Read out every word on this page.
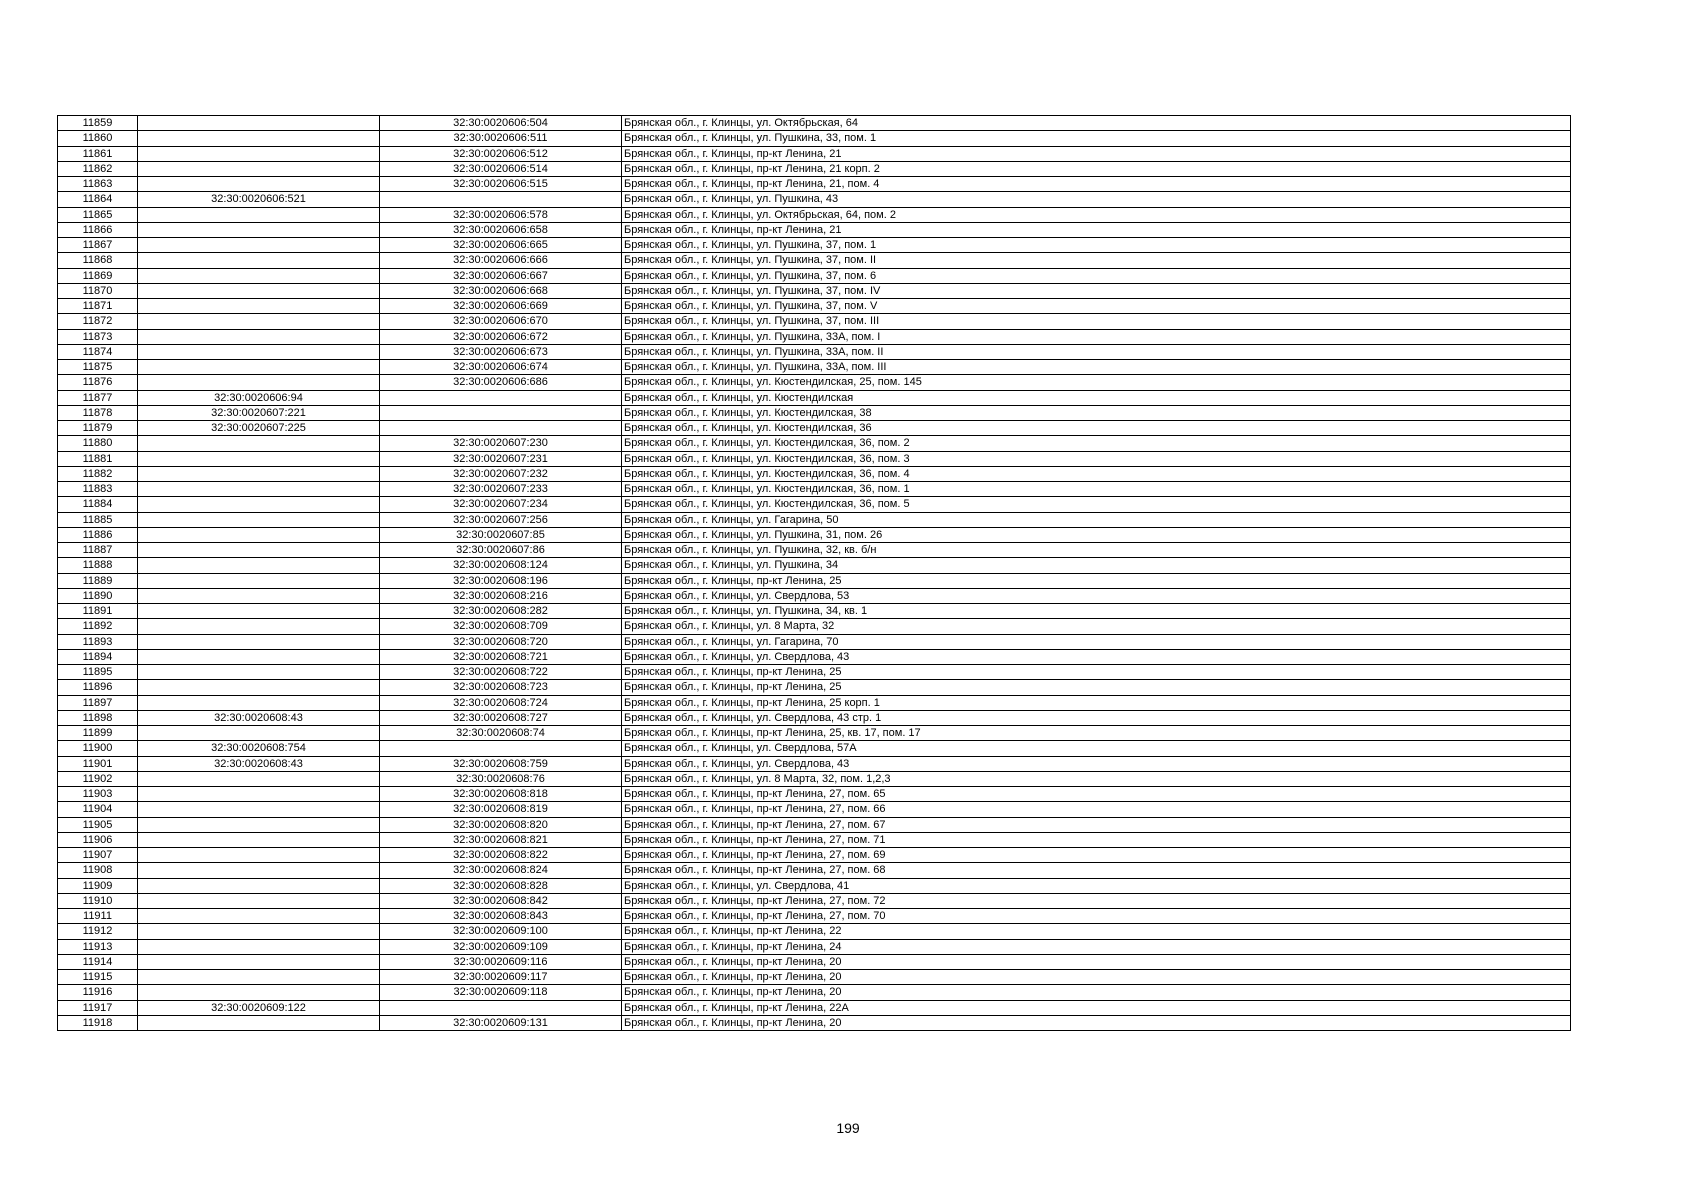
11859		32:30:0020606:504	Брянская обл., г. Клинцы, ул. Октябрьская, 64
11860		32:30:0020606:511	Брянская обл., г. Клинцы, ул. Пушкина, 33, пом. 1
11861		32:30:0020606:512	Брянская обл., г. Клинцы, пр-кт Ленина, 21
11862		32:30:0020606:514	Брянская обл., г. Клинцы, пр-кт Ленина, 21 корп. 2
11863		32:30:0020606:515	Брянская обл., г. Клинцы, пр-кт Ленина, 21, пом. 4
11864	32:30:0020606:521		Брянская обл., г. Клинцы, ул. Пушкина, 43
11865		32:30:0020606:578	Брянская обл., г. Клинцы, ул. Октябрьская, 64, пом. 2
11866		32:30:0020606:658	Брянская обл., г. Клинцы, пр-кт Ленина, 21
11867		32:30:0020606:665	Брянская обл., г. Клинцы, ул. Пушкина, 37, пом. 1
11868		32:30:0020606:666	Брянская обл., г. Клинцы, ул. Пушкина, 37, пом. II
11869		32:30:0020606:667	Брянская обл., г. Клинцы, ул. Пушкина, 37, пом. 6
11870		32:30:0020606:668	Брянская обл., г. Клинцы, ул. Пушкина, 37, пом. IV
11871		32:30:0020606:669	Брянская обл., г. Клинцы, ул. Пушкина, 37, пом. V
11872		32:30:0020606:670	Брянская обл., г. Клинцы, ул. Пушкина, 37, пом. III
11873		32:30:0020606:672	Брянская обл., г. Клинцы, ул. Пушкина, 33А, пом. I
11874		32:30:0020606:673	Брянская обл., г. Клинцы, ул. Пушкина, 33А, пом. II
11875		32:30:0020606:674	Брянская обл., г. Клинцы, ул. Пушкина, 33А, пом. III
11876		32:30:0020606:686	Брянская обл., г. Клинцы, ул. Кюстендилская, 25, пом. 145
11877	32:30:0020606:94		Брянская обл., г. Клинцы, ул. Кюстендилская
11878	32:30:0020607:221		Брянская обл., г. Клинцы, ул. Кюстендилская, 38
11879	32:30:0020607:225		Брянская обл., г. Клинцы, ул. Кюстендилская, 36
11880		32:30:0020607:230	Брянская обл., г. Клинцы, ул. Кюстендилская, 36, пом. 2
11881		32:30:0020607:231	Брянская обл., г. Клинцы, ул. Кюстендилская, 36, пом. 3
11882		32:30:0020607:232	Брянская обл., г. Клинцы, ул. Кюстендилская, 36, пом. 4
11883		32:30:0020607:233	Брянская обл., г. Клинцы, ул. Кюстендилская, 36, пом. 1
11884		32:30:0020607:234	Брянская обл., г. Клинцы, ул. Кюстендилская, 36, пом. 5
11885		32:30:0020607:256	Брянская обл., г. Клинцы, ул. Гагарина, 50
11886		32:30:0020607:85	Брянская обл., г. Клинцы, ул. Пушкина, 31, пом. 26
11887		32:30:0020607:86	Брянская обл., г. Клинцы, ул. Пушкина, 32, кв. б/н
11888		32:30:0020608:124	Брянская обл., г. Клинцы, ул. Пушкина, 34
11889		32:30:0020608:196	Брянская обл., г. Клинцы, пр-кт Ленина, 25
11890		32:30:0020608:216	Брянская обл., г. Клинцы, ул. Свердлова, 53
11891		32:30:0020608:282	Брянская обл., г. Клинцы, ул. Пушкина, 34, кв. 1
11892		32:30:0020608:709	Брянская обл., г. Клинцы, ул. 8 Марта, 32
11893		32:30:0020608:720	Брянская обл., г. Клинцы, ул. Гагарина, 70
11894		32:30:0020608:721	Брянская обл., г. Клинцы, ул. Свердлова, 43
11895		32:30:0020608:722	Брянская обл., г. Клинцы, пр-кт Ленина, 25
11896		32:30:0020608:723	Брянская обл., г. Клинцы, пр-кт Ленина, 25
11897		32:30:0020608:724	Брянская обл., г. Клинцы, пр-кт Ленина, 25 корп. 1
11898	32:30:0020608:43	32:30:0020608:727	Брянская обл., г. Клинцы, ул. Свердлова, 43 стр. 1
11899		32:30:0020608:74	Брянская обл., г. Клинцы, пр-кт Ленина, 25, кв. 17, пом. 17
11900	32:30:0020608:754		Брянская обл., г. Клинцы, ул. Свердлова, 57А
11901	32:30:0020608:43	32:30:0020608:759	Брянская обл., г. Клинцы, ул. Свердлова, 43
11902		32:30:0020608:76	Брянская обл., г. Клинцы, ул. 8 Марта, 32, пом. 1,2,3
11903		32:30:0020608:818	Брянская обл., г. Клинцы, пр-кт Ленина, 27, пом. 65
11904		32:30:0020608:819	Брянская обл., г. Клинцы, пр-кт Ленина, 27, пом. 66
11905		32:30:0020608:820	Брянская обл., г. Клинцы, пр-кт Ленина, 27, пом. 67
11906		32:30:0020608:821	Брянская обл., г. Клинцы, пр-кт Ленина, 27, пом. 71
11907		32:30:0020608:822	Брянская обл., г. Клинцы, пр-кт Ленина, 27, пом. 69
11908		32:30:0020608:824	Брянская обл., г. Клинцы, пр-кт Ленина, 27, пом. 68
11909		32:30:0020608:828	Брянская обл., г. Клинцы, ул. Свердлова, 41
11910		32:30:0020608:842	Брянская обл., г. Клинцы, пр-кт Ленина, 27, пом. 72
11911		32:30:0020608:843	Брянская обл., г. Клинцы, пр-кт Ленина, 27, пом. 70
11912		32:30:0020609:100	Брянская обл., г. Клинцы, пр-кт Ленина, 22
11913		32:30:0020609:109	Брянская обл., г. Клинцы, пр-кт Ленина, 24
11914		32:30:0020609:116	Брянская обл., г. Клинцы, пр-кт Ленина, 20
11915		32:30:0020609:117	Брянская обл., г. Клинцы, пр-кт Ленина, 20
11916		32:30:0020609:118	Брянская обл., г. Клинцы, пр-кт Ленина, 20
11917	32:30:0020609:122		Брянская обл., г. Клинцы, пр-кт Ленина, 22А
11918		32:30:0020609:131	Брянская обл., г. Клинцы, пр-кт Ленина, 20
199
